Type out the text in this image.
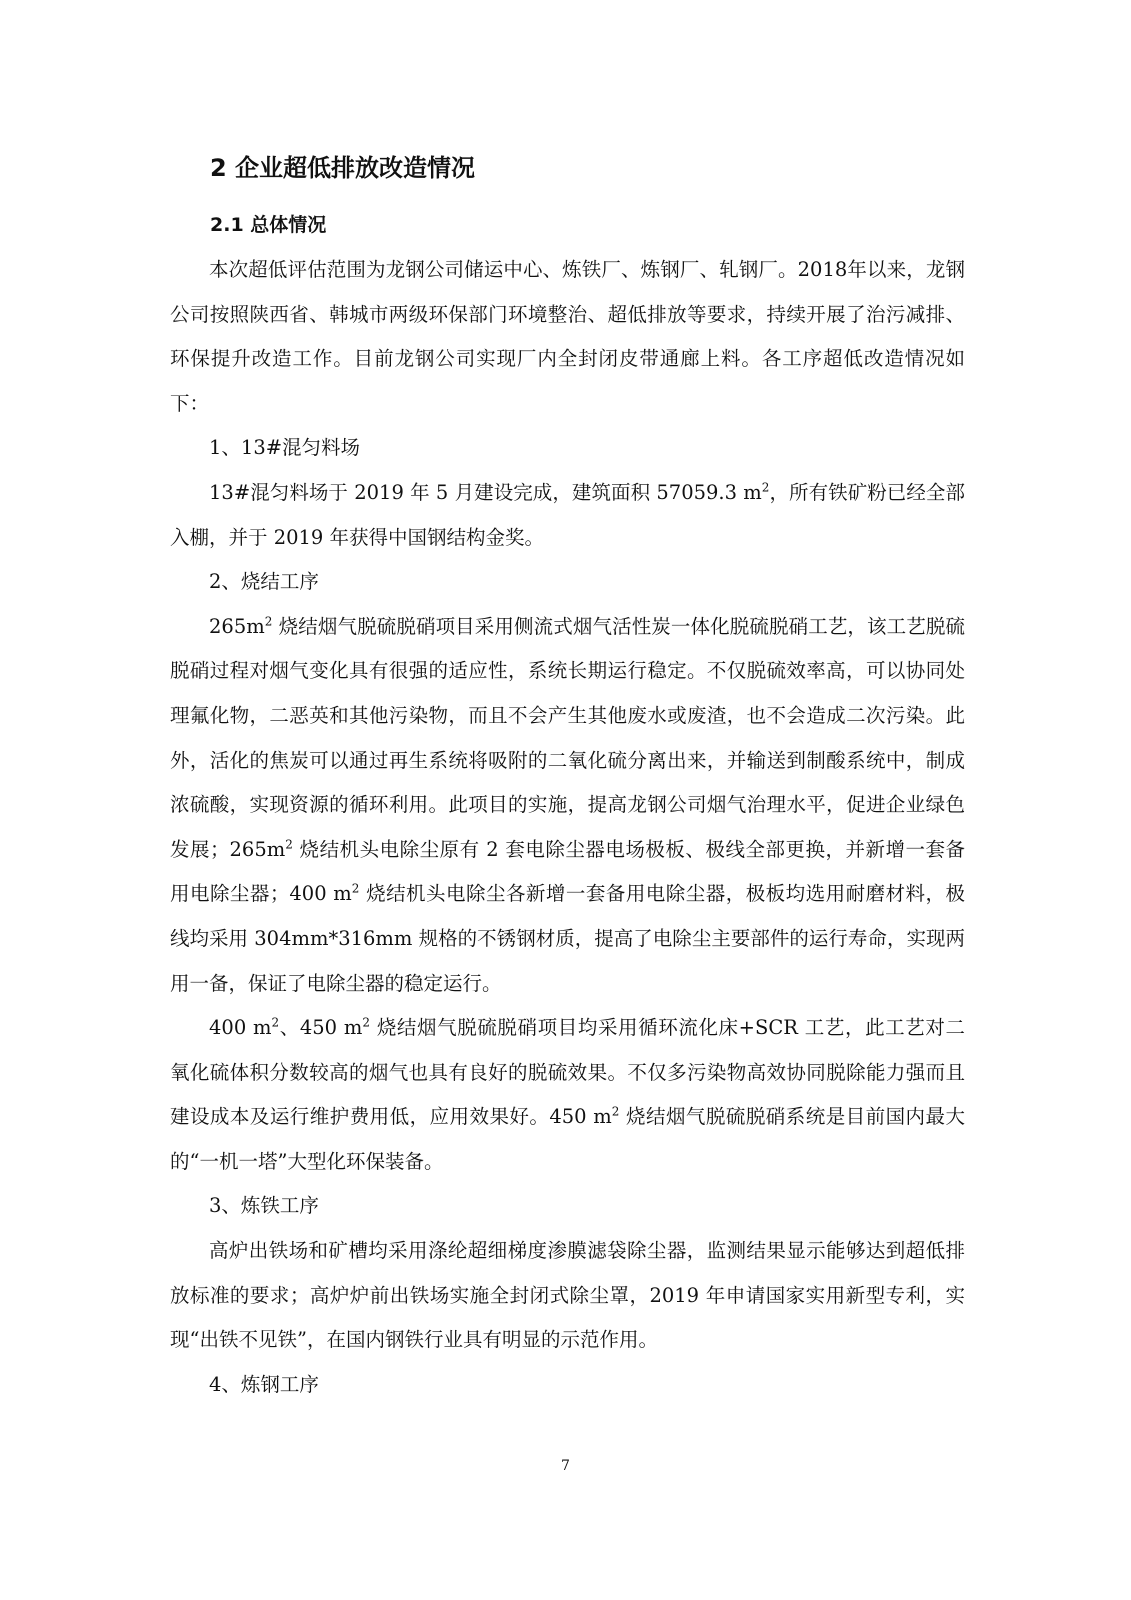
2 企业超低排放改造情况
2.1 总体情况

本次超低评估范围为龙钢公司储运中心、炼铁厂、炼钢厂、轧钢厂。2018年以来，龙钢公司按照陕西省、韩城市两级环保部门环境整治、超低排放等要求，持续开展了治污减排、环保提升改造工作。目前龙钢公司实现厂内全封闭皮带通廊上料。各工序超低改造情况如下：

1、13#混匀料场

13#混匀料场于 2019 年 5 月建设完成，建筑面积 57059.3 $m^2$，所有铁矿粉已经全部入棚，并于 2019 年获得中国钢结构金奖。

2、烧结工序

$265m^2$ 烧结烟气脱硫脱硝项目采用侧流式烟气活性炭一体化脱硫脱硝工艺，该工艺脱硫脱硝过程对烟气变化具有很强的适应性，系统长期运行稳定。不仅脱硫效率高，可以协同处理氟化物，二恶英和其他污染物，而且不会产生其他废水或废渣，也不会造成二次污染。此外，活化的焦炭可以通过再生系统将吸附的二氧化硫分离出来，并输送到制酸系统中，制成浓硫酸，实现资源的循环利用。此项目的实施，提高龙钢公司烟气治理水平，促进企业绿色发展；$265m^2$ 烧结机头电除尘原有 2 套电除尘器电场极板、极线全部更换，并新增一套备用电除尘器；400 $m^2$ 烧结机头电除尘各新增一套备用电除尘器，极板均选用耐磨材料，极线均采用 304mm*316mm 规格的不锈钢材质，提高了电除尘主要部件的运行寿命，实现两用一备，保证了电除尘器的稳定运行。

400 $m^2$、450 $m^2$ 烧结烟气脱硫脱硝项目均采用循环流化床+SCR 工艺，此工艺对二氧化硫体积分数较高的烟气也具有良好的脱硫效果。不仅多污染物高效协同脱除能力强而且建设成本及运行维护费用低，应用效果好。450 $m^2$ 烧结烟气脱硫脱硝系统是目前国内最大的“一机一塔”大型化环保装备。

3、炼铁工序

高炉出铁场和矿槽均采用涤纶超细梯度渗膜滤袋除尘器，监测结果显示能够达到超低排放标准的要求；高炉炉前出铁场实施全封闭式除尘罩，2019 年申请国家实用新型专利，实现“出铁不见铁”，在国内钢铁行业具有明显的示范作用。

4、炼钢工序

7
